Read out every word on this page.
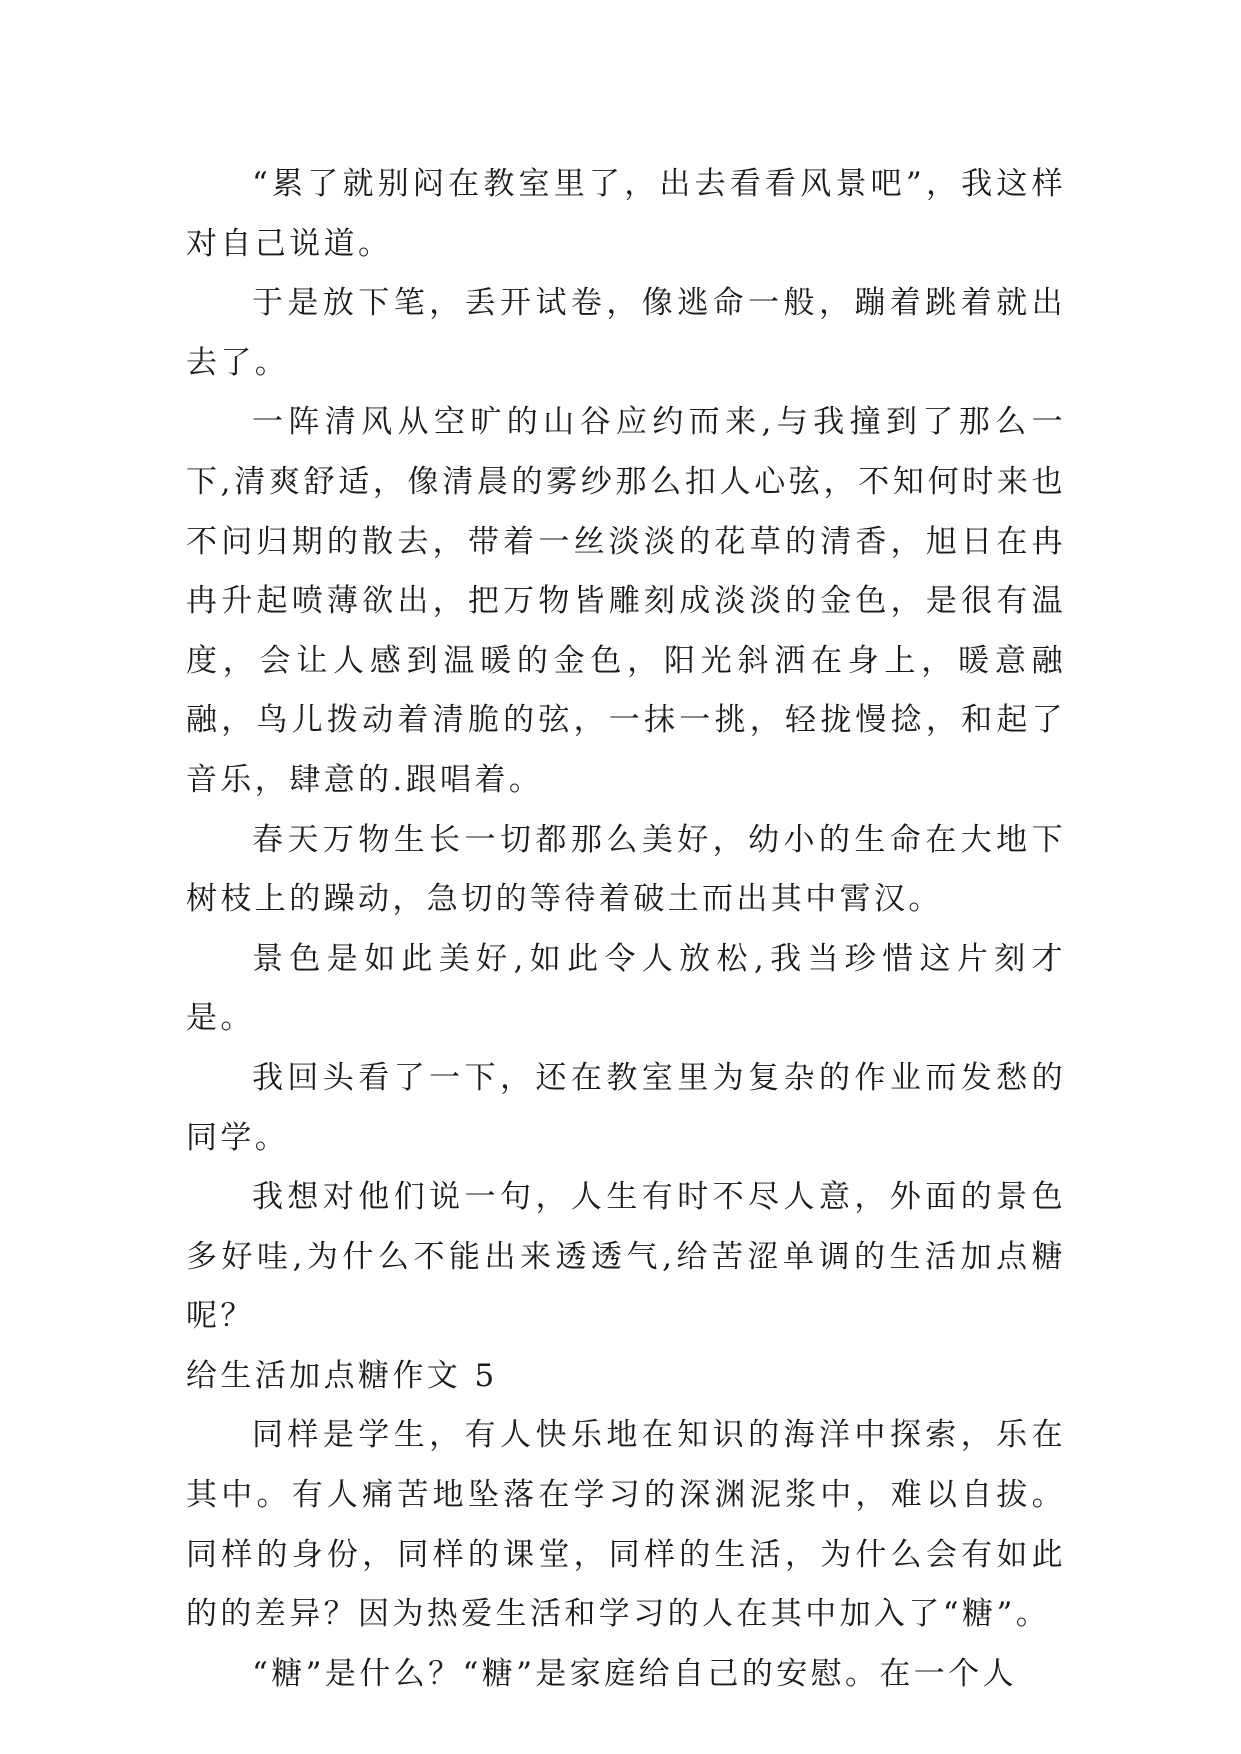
“累了就别闷在教室里了，出去看看风景吧”，我这样对自己说道。

于是放下笔，丢开试卷，像逃命一般，蹦着跳着就出去了。

一阵清风从空旷的山谷应约而来,与我撞到了那么一下,清爽舒适，像清晨的雾纱那么扣人心弦，不知何时来也不问归期的散去，带着一丝淡淡的花草的清香，旭日在冉冉升起喷薄欲出，把万物皆雕刻成淡淡的金色，是很有温度，会让人感到温暖的金色，阳光斜洒在身上，暖意融融，鸟儿拨动着清脆的弦，一抹一挑，轻拢慢捻，和起了音乐，肆意的.跟唱着。

春天万物生长一切都那么美好，幼小的生命在大地下树枝上的躁动，急切的等待着破土而出其中霄汉。

景色是如此美好,如此令人放松,我当珍惜这片刻才是。

我回头看了一下，还在教室里为复杂的作业而发愁的同学。

我想对他们说一句，人生有时不尽人意，外面的景色多好哇,为什么不能出来透透气,给苦涩单调的生活加点糖呢？

给生活加点糖作文 5

同样是学生，有人快乐地在知识的海洋中探索，乐在其中。有人痛苦地坠落在学习的深渊泥浆中，难以自拔。同样的身份，同样的课堂，同样的生活，为什么会有如此的的差异？因为热爱生活和学习的人在其中加入了“糖”。

“糖”是什么？“糖”是家庭给自己的安慰。在一个人
